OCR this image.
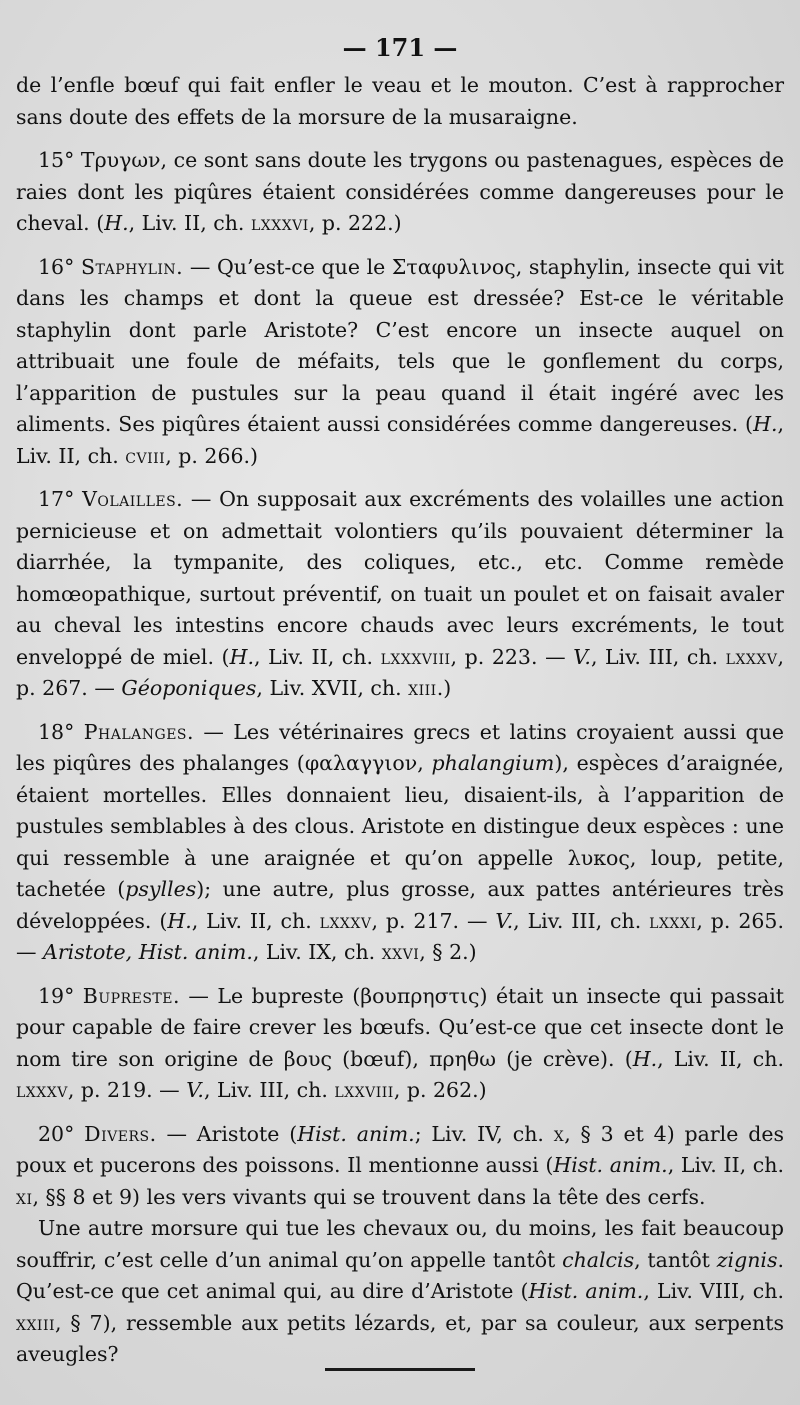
— 171 —

de l’enfle bœuf qui fait enfler le veau et le mouton. C’est à rapprocher sans doute des effets de la morsure de la musaraigne.

15° Τρυγων, ce sont sans doute les trygons ou pastenagues, espèces de raies dont les piqûres étaient considérées comme dangereuses pour le cheval. (H., Liv. II, ch. lxxxvi, p. 222.)

16° Staphylin. — Qu’est-ce que le Σταφυλινος, staphylin, insecte qui vit dans les champs et dont la queue est dressée? Est-ce le véritable staphylin dont parle Aristote? C’est encore un insecte auquel on attribuait une foule de méfaits, tels que le gonflement du corps, l’apparition de pustules sur la peau quand il était ingéré avec les aliments. Ses piqûres étaient aussi considérées comme dangereuses. (H., Liv. II, ch. cviii, p. 266.)

17° Volailles. — On supposait aux excréments des volailles une action pernicieuse et on admettait volontiers qu’ils pouvaient déterminer la diarrhée, la tympanite, des coliques, etc., etc. Comme remède homœopathique, surtout préventif, on tuait un poulet et on faisait avaler au cheval les intestins encore chauds avec leurs excréments, le tout enveloppé de miel. (H., Liv. II, ch. lxxxviii, p. 223. — V., Liv. III, ch. lxxxv, p. 267. — Géoponiques, Liv. XVII, ch. xiii.)

18° Phalanges. — Les vétérinaires grecs et latins croyaient aussi que les piqûres des phalanges (φαλαγγιον, phalangium), espèces d’araignée, étaient mortelles. Elles donnaient lieu, disaient-ils, à l’apparition de pustules semblables à des clous. Aristote en distingue deux espèces : une qui ressemble à une araignée et qu’on appelle λυκος, loup, petite, tachetée (psylles); une autre, plus grosse, aux pattes antérieures très développées. (H., Liv. II, ch. lxxxv, p. 217. — V., Liv. III, ch. lxxxi, p. 265. — Aristote, Hist. anim., Liv. IX, ch. xxvi, § 2.)

19° Bupreste. — Le bupreste (βουπρηστις) était un insecte qui passait pour capable de faire crever les bœufs. Qu’est-ce que cet insecte dont le nom tire son origine de βους (bœuf), πρηθω (je crève). (H., Liv. II, ch. lxxxv, p. 219. — V., Liv. III, ch. lxxviii, p. 262.)

20° Divers. — Aristote (Hist. anim.; Liv. IV, ch. x, § 3 et 4) parle des poux et pucerons des poissons. Il mentionne aussi (Hist. anim., Liv. II, ch. xi, §§ 8 et 9) les vers vivants qui se trouvent dans la tête des cerfs.

Une autre morsure qui tue les chevaux ou, du moins, les fait beaucoup souffrir, c’est celle d’un animal qu’on appelle tantôt chalcis, tantôt zignis. Qu’est-ce que cet animal qui, au dire d’Aristote (Hist. anim., Liv. VIII, ch. xxiii, § 7), ressemble aux petits lézards, et, par sa couleur, aux serpents aveugles?
